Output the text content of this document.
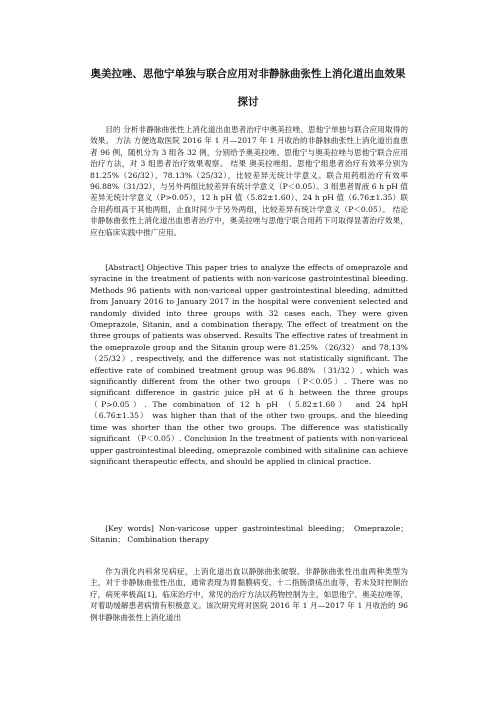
奥美拉唑、思他宁单独与联合应用对非静脉曲张性上消化道出血效果
探讨

目的 分析非静脉曲张性上消化道出血患者治疗中奥美拉唑、思他宁单独与联合应用取得的效果。 方法 方便选取医院 2016 年 1 月—2017 年 1 月收治的非静脉曲张性上消化道出血患者 96 例，随机分为 3 组各 32 例，分别给予奥美拉唑、思他宁与奥美拉唑与思他宁联合应用治疗方法，对 3 组患者治疗效果观察。 结果 奥美拉唑组、思他宁组患者治疗有效率分别为 81.25%（26/32）、78.13%（25/32），比较差异无统计学意义。联合用药组治疗有效率 96.88%（31/32），与另外两组比较差异有统计学意义（P＜0.05）。3 组患者胃液 6 h pH 值差异无统计学意义（P>0.05），12 h pH 值（5.82±1.60）、24 h pH 值（6.76±1.35）联合用药组高于其他两组，止血时间少于另外两组，比较差异有统计学意义（P＜0.05）。 结论 非静脉曲张性上消化道出血患者治疗中，奥美拉唑与思他宁联合用药下可取得显著治疗效果，应在临床实践中推广应用。

[Abstract] Objective This paper tries to analyze the effects of omeprazole and syracine in the treatment of patients with non-varicose gastrointestinal bleeding. Methods 96 patients with non-variceal upper gastrointestinal bleeding, admitted from January 2016 to January 2017 in the hospital were convenient selected and randomly divided into three groups with 32 cases each. They were given Omeprazole, Sitanin, and a combination therapy. The effect of treatment on the three groups of patients was observed. Results The effective rates of treatment in the omeprazole group and the Sitanin group were 81.25% （26/32） and 78.13% （25/32）, respectively, and the difference was not statistically significant. The effective rate of combined treatment group was 96.88% （31/32）, which was significantly different from the other two groups（P＜0.05）. There was no significant difference in gastric juice pH at 6 h between the three groups （P>0.05）. The combination of 12 h pH （5.82±1.60） and 24 hpH （6.76±1.35） was higher than that of the other two groups, and the bleeding time was shorter than the other two groups. The difference was statistically significant （P＜0.05）. Conclusion In the treatment of patients with non-variceal upper gastrointestinal bleeding, omeprazole combined with sitalinine can achieve significant therapeutic effects, and should be applied in clinical practice.

[Key words] Non-varicose upper gastrointestinal bleeding； Omeprazole； Sitanin； Combination therapy

作为消化内科常见病症，上消化道出血以静脉曲张破裂、非静脉曲张性出血两种类型为主，对于非静脉曲张性出血，通常表现为胃黏膜病变、十二指肠溃疡出血等，若未及时控制治疗，病死率极高[1]。临床治疗中，常见的治疗方法以药物控制为主，如思他宁、奥美拉唑等，对着助缓解患者病情有积极意义。该次研究将对医院 2016 年 1 月—2017 年 1 月收治的 96 例非静脉曲张性上消化道出
